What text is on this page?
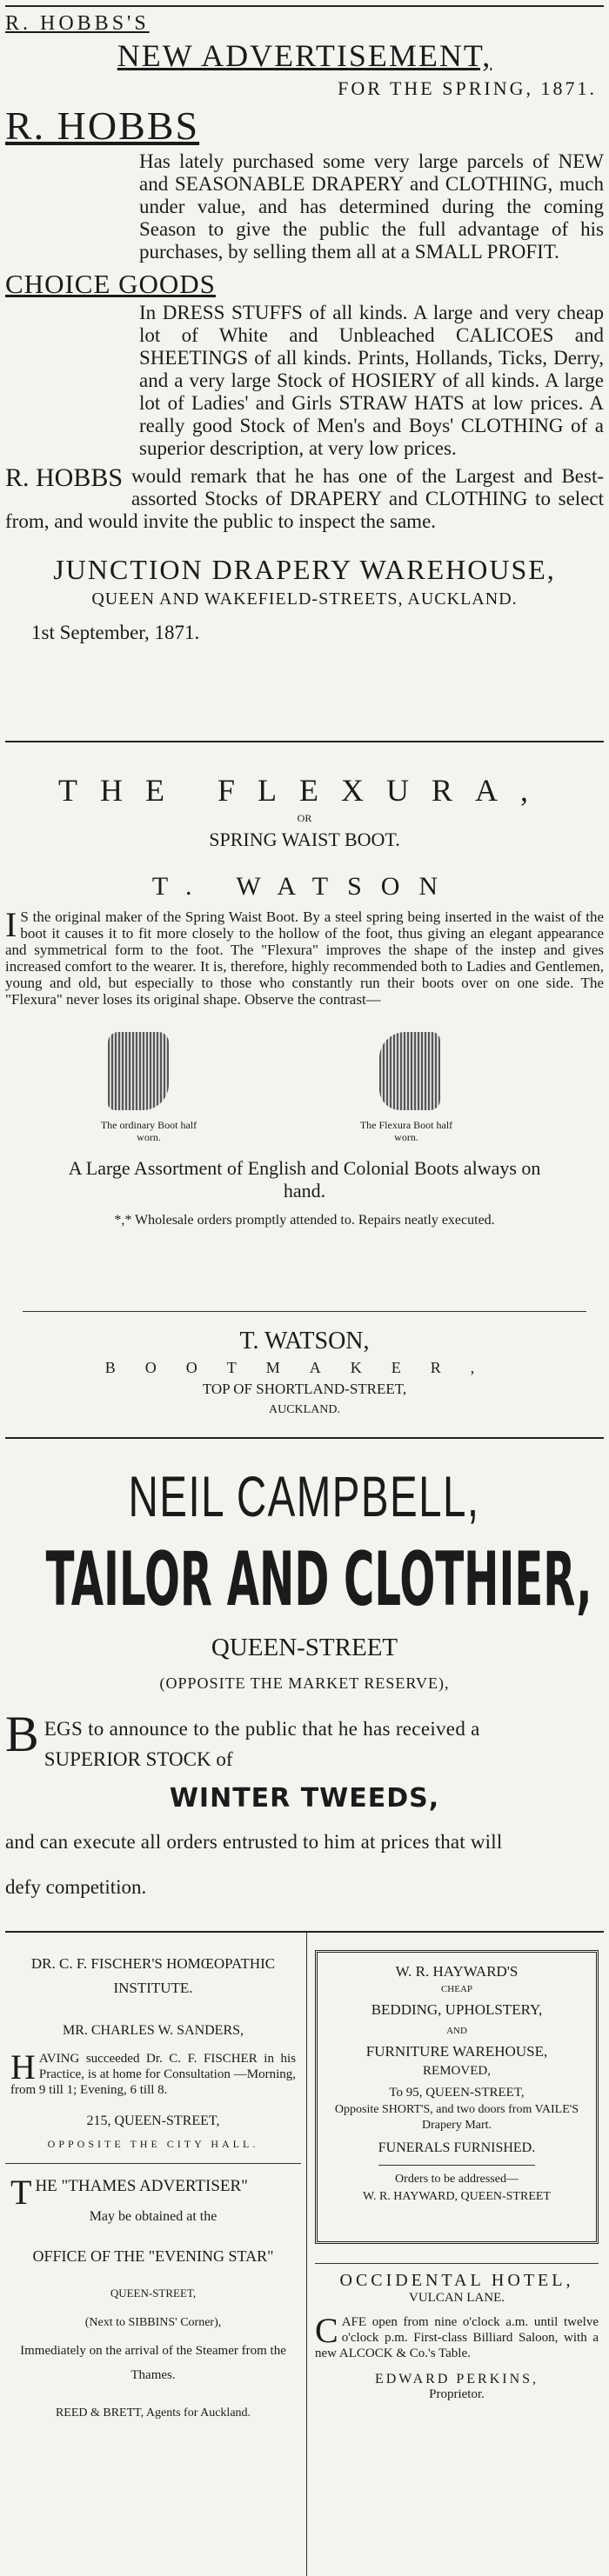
R. HOBBS'S

NEW ADVERTISEMENT,

FOR THE SPRING, 1871.

R. HOBBS

Has lately purchased some very large parcels of NEW and SEASONABLE DRAPERY and CLOTHING, much under value, and has determined during the coming Season to give the public the full advantage of his purchases, by selling them all at a SMALL PROFIT.

CHOICE GOODS

In DRESS STUFFS of all kinds. A large and very cheap lot of White and Unbleached CALICOES and SHEETINGS of all kinds. Prints, Hollands, Ticks, Derry, and a very large Stock of HOSIERY of all kinds. A large lot of Ladies' and Girls STRAW HATS at low prices. A really good Stock of Men's and Boys' CLOTHING of a superior description, at very low prices.

R. HOBBS would remark that he has one of the Largest and Best-assorted Stocks of DRAPERY and CLOTHING to select from, and would invite the public to inspect the same.

JUNCTION DRAPERY WAREHOUSE,

QUEEN AND WAKEFIELD-STREETS, AUCKLAND.

1st September, 1871.

THE FLEXURA,

OR

SPRING WAIST BOOT.

T. WATSON

I S the original maker of the Spring Waist Boot. By a steel spring being inserted in the waist of the boot it causes it to fit more closely to the hollow of the foot, thus giving an elegant appearance and symmetrical form to the foot. The "Flexura" improves the shape of the instep and gives increased comfort to the wearer. It is, therefore, highly recommended both to Ladies and Gentlemen, young and old, but especially to those who constantly run their boots over on one side. The "Flexura" never loses its original shape. Observe the contrast—

The ordinary Boot half worn.

The Flexura Boot half worn.

A Large Assortment of English and Colonial Boots always on hand.

*,* Wholesale orders promptly attended to. Repairs neatly executed.

T. WATSON,

BOOTMAKER,

TOP OF SHORTLAND-STREET,

AUCKLAND.

NEIL CAMPBELL,

TAILOR AND CLOTHIER,

QUEEN-STREET

(OPPOSITE THE MARKET RESERVE),

B EGS to announce to the public that he has received a

SUPERIOR STOCK of

WINTER TWEEDS,

and can execute all orders entrusted to him at prices that will

defy competition.

DR. C. F. FISCHER'S HOMŒOPATHIC INSTITUTE.

MR. CHARLES W. SANDERS,

H AVING succeeded Dr. C. F. FISCHER in his Practice, is at home for Consultation —Morning, from 9 till 1; Evening, 6 till 8.

215, QUEEN-STREET,

OPPOSITE THE CITY HALL.

T HE "THAMES ADVERTISER"

May be obtained at the

OFFICE OF THE "EVENING STAR"

QUEEN-STREET,

(Next to SIBBINS' Corner),

Immediately on the arrival of the Steamer from the Thames.

REED & BRETT, Agents for Auckland.

W. R. HAYWARD'S

CHEAP

BEDDING, UPHOLSTERY,

AND

FURNITURE WAREHOUSE,

REMOVED,

To 95, QUEEN-STREET,

Opposite SHORT'S, and two doors from VAILE'S Drapery Mart.

FUNERALS FURNISHED.

Orders to be addressed—

W. R. HAYWARD, QUEEN-STREET

OCCIDENTAL HOTEL,

VULCAN LANE.

C AFE open from nine o'clock a.m. until twelve o'clock p.m. First-class Billiard Saloon, with a new ALCOCK & Co.'s Table.

EDWARD PERKINS,

Proprietor.
